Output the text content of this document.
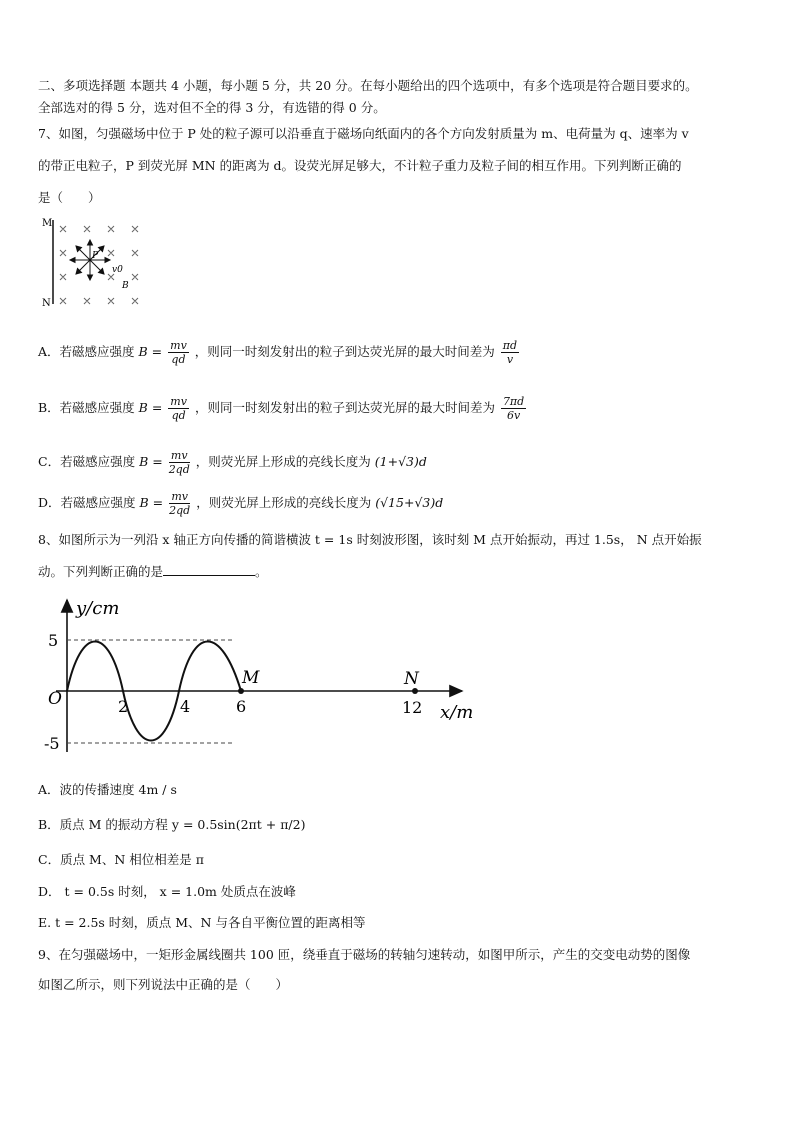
二、多项选择题 本题共 4 小题，每小题 5 分，共 20 分。在每小题给出的四个选项中，有多个选项是符合题目要求的。
全部选对的得 5 分，选对但不全的得 3 分，有选错的得 0 分。
7、如图，匀强磁场中位于 P 处的粒子源可以沿垂直于磁场向纸面内的各个方向发射质量为 m、电荷量为 q、速率为 v
的带正电粒子，P 到荧光屏 MN 的距离为 d。设荧光屏足够大，不计粒子重力及粒子间的相互作用。下列判断正确的
是（　　）
M
N
P
v0
B
A．若磁感应强度 $B = \frac{mv}{qd}$ ，则同一时刻发射出的粒子到达荧光屏的最大时间差为 $\frac{\pi d}{v}$
B．若磁感应强度 $B = \frac{mv}{qd}$ ，则同一时刻发射出的粒子到达荧光屏的最大时间差为 $\frac{7\pi d}{6v}$
C．若磁感应强度 $B = \frac{mv}{2qd}$ ，则荧光屏上形成的亮线长度为 (1+√3)d
D．若磁感应强度 $B = \frac{mv}{2qd}$ ，则荧光屏上形成的亮线长度为 (√15+√3)d
8、如图所示为一列沿 x 轴正方向传播的简谐横波 t = 1s 时刻波形图，该时刻 M 点开始振动，再过 1.5s， N 点开始振
动。下列判断正确的是	。
y/cm
x/m
O
5
-5
2	4	6	12
M	N
A．波的传播速度 4m / s
B．质点 M 的振动方程 y = 0.5sin(2πt + π/2)
C．质点 M、N 相位相差是 π
D． t = 0.5s 时刻， x = 1.0m 处质点在波峰
E. t = 2.5s 时刻，质点 M、N 与各自平衡位置的距离相等
9、在匀强磁场中，一矩形金属线圈共 100 匝，绕垂直于磁场的转轴匀速转动，如图甲所示，产生的交变电动势的图像
如图乙所示，则下列说法中正确的是（　　）
